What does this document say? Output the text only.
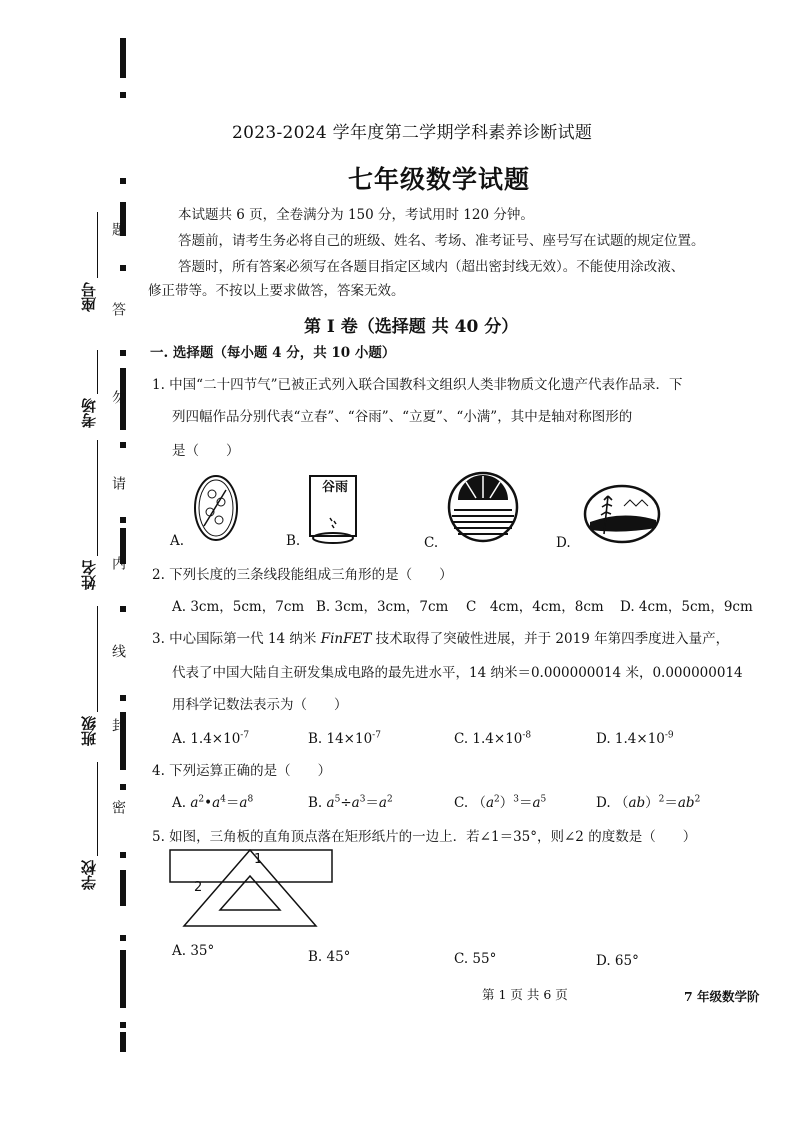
题
答
勿
请
内
线
封
密
座号
考场
姓名
班级
学校
2023-2024 学年度第二学期学科素养诊断试题
七年级数学试题
本试题共 6 页，全卷满分为 150 分，考试用时 120 分钟。
答题前，请考生务必将自己的班级、姓名、考场、准考证号、座号写在试题的规定位置。
答题时，所有答案必须写在各题目指定区域内（超出密封线无效）。不能使用涂改液、
修正带等。不按以上要求做答，答案无效。
第 I 卷（选择题 共 40 分）
一. 选择题（每小题 4 分，共 10 小题）
1. 中国“二十四节气”已被正式列入联合国教科文组织人类非物质文化遗产代表作品录．下
列四幅作品分别代表“立春”、“谷雨”、“立夏”、“小满”，其中是轴对称图形的
是（　　）
谷雨
A.	B.	C.	D.
2. 下列长度的三条线段能组成三角形的是（　　）
A. 3cm，5cm，7cm B. 3cm，3cm，7cm C　4cm，4cm，8cm D. 4cm，5cm，9cm
3. 中心国际第一代 14 纳米 FinFET 技术取得了突破性进展，并于 2019 年第四季度进入量产，
代表了中国大陆自主研发集成电路的最先进水平，14 纳米＝0.000000014 米，0.000000014
用科学记数法表示为（　　）
A. $1.4\times 10^{-7}$	B. $14\times 10^{-7}$	C. $1.4\times 10^{-8}$	D. $1.4\times 10^{-9}$
4. 下列运算正确的是（　　）
A. $a^2•a^4=a^8$	B. $a^5\div a^3=a^2$	C. $(a^2)^3=a^5$	D. $(ab)^2=ab^2$
5. 如图，三角板的直角顶点落在矩形纸片的一边上．若∠1＝35°，则∠2 的度数是（　　）
1
2
A. 35°	B. 45°	C. 55°	D. 65°
第 1 页 共 6 页	7 年级数学阶
